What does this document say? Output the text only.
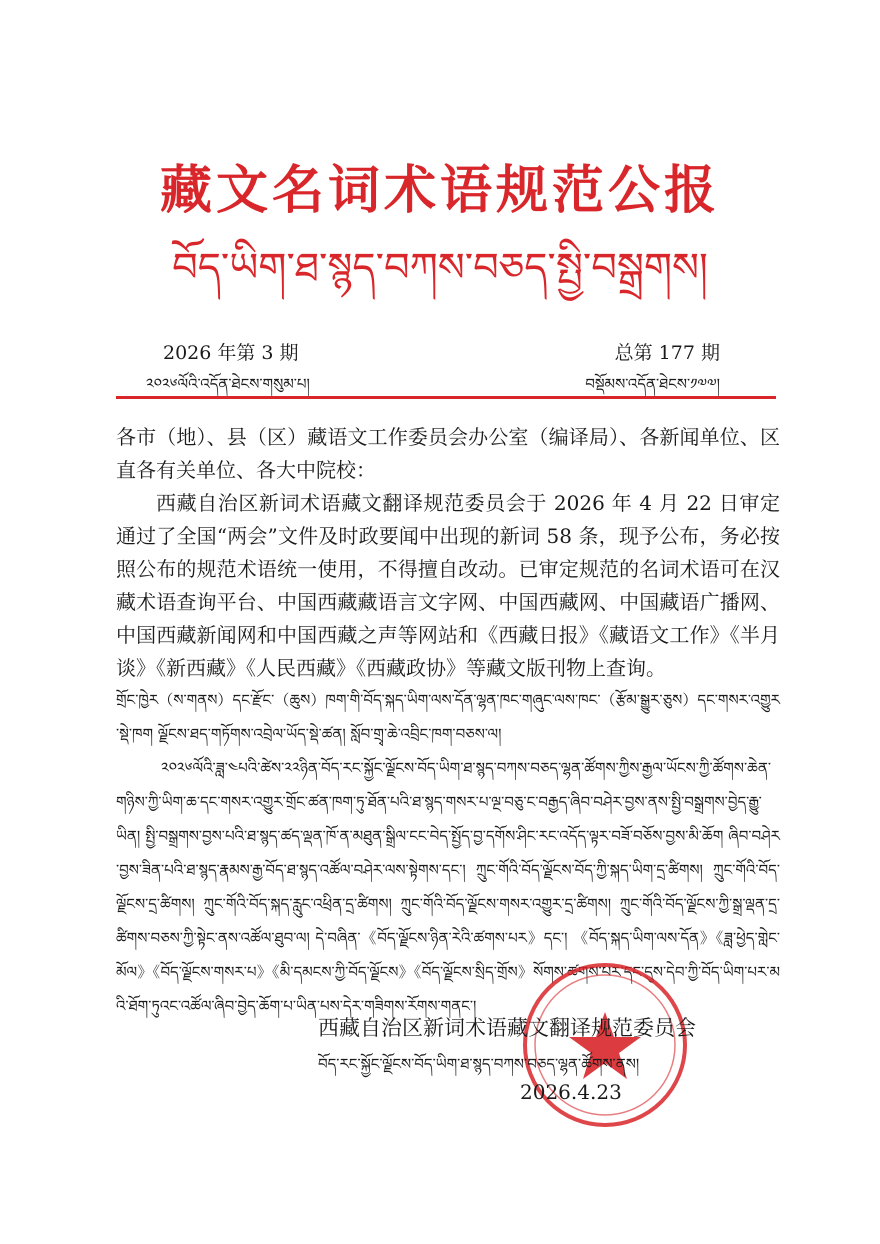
藏文名词术语规范公报
བོད་ཡིག་ཐ་སྙད་བཀས་བཅད་སྤྱི་བསྒྲགས།
2026 年第 3 期	总第 177 期
༢༠༢༦ལོའི་འདོན་ཐེངས་གསུམ་པ།	བསྡོམས་འདོན་ཐེངས་༡༧༧།

各市（地）、县（区）藏语文工作委员会办公室（编译局）、各新闻单位、区直各有关单位、各大中院校：

西藏自治区新词术语藏文翻译规范委员会于 2026 年 4 月 22 日审定通过了全国“两会”文件及时政要闻中出现的新词 58 条，现予公布，务必按照公布的规范术语统一使用，不得擅自改动。已审定规范的名词术语可在汉藏术语查询平台、中国西藏藏语言文字网、中国西藏网、中国藏语广播网、中国西藏新闻网和中国西藏之声等网站和《西藏日报》《藏语文工作》《半月谈》《新西藏》《人民西藏》《西藏政协》等藏文版刊物上查询。

གྲོང་ཁྱེར（ས་གནས）དང་རྫོང་（ཆུས）ཁག་གི་བོད་སྐད་ཡིག་ལས་དོན་ལྷན་ཁང་གཞུང་ལས་ཁང་（རྩོམ་སྒྱུར་ཅུས）དང་གསར་འགྱུར་སྡེ་ཁག ལྗོངས་ཐད་གཏོགས་འབྲེལ་ཡོད་སྡེ་ཚན། སློབ་གྲྭ་ཆེ་འབྲིང་ཁག་བཅས་ལ།

༢༠༢༦ལོའི་ཟླ་༤པའི་ཚེས་༢༢ཉིན་བོད་རང་སྐྱོང་ལྗོངས་བོད་ཡིག་ཐ་སྙད་བཀས་བཅད་ལྷན་ཚོགས་ཀྱིས་རྒྱལ་ཡོངས་ཀྱི་ཚོགས་ཆེན་གཉིས་ཀྱི་ཡིག་ཆ་དང་གསར་འགྱུར་གྲོང་ཚན་ཁག་ཏུ་ཐོན་པའི་ཐ་སྙད་གསར་པ་ལྔ་བཅུ་ང་བརྒྱད་ཞིབ་བཤེར་བྱས་ནས་སྤྱི་བསྒྲགས་བྱེད་རྒྱུ་ཡིན། སྤྱི་བསྒྲགས་བྱས་པའི་ཐ་སྙད་ཚད་ལྡན་ཁོ་ན་མཐུན་སྒྲིལ་ངང་བེད་སྤྱོད་བྱ་དགོས་ཤིང་རང་འདོད་ལྟར་བཟོ་བཅོས་བྱས་མི་ཆོག ཞིབ་བཤེར་བྱས་ཟིན་པའི་ཐ་སྙད་རྣམས་རྒྱ་བོད་ཐ་སྙད་འཚོལ་བཤེར་ལས་སྟེགས་དང་། ཀྲུང་གོའི་བོད་ལྗོངས་བོད་ཀྱི་སྐད་ཡིག་དྲ་ཚིགས། ཀྲུང་གོའི་བོད་ལྗོངས་དྲ་ཚིགས། ཀྲུང་གོའི་བོད་སྐད་རླུང་འཕྲིན་དྲ་ཚིགས། ཀྲུང་གོའི་བོད་ལྗོངས་གསར་འགྱུར་དྲ་ཚིགས། ཀྲུང་གོའི་བོད་ལྗོངས་ཀྱི་སྒྲ་ལྡན་དྲ་ཚིགས་བཅས་ཀྱི་སྟེང་ནས་འཚོལ་ཐུབ་ལ། དེ་བཞིན་《བོད་ལྗོངས་ཉིན་རེའི་ཚགས་པར》དང་། 《བོད་སྐད་ཡིག་ལས་དོན》《ཟླ་ཕྱེད་གླེང་མོལ》《བོད་ལྗོངས་གསར་པ》《མི་དམངས་ཀྱི་བོད་ལྗོངས》《བོད་ལྗོངས་སྲིད་གྲོས》སོགས་ཚགས་པར་དང་དུས་དེབ་ཀྱི་བོད་ཡིག་པར་མའི་ཐོག་ཏུའང་འཚོལ་ཞིབ་བྱེད་ཆོག་པ་ཡིན་པས་དེར་གཟིགས་རོགས་གནང་།

西藏自治区新词术语藏文翻译规范委员会
བོད་རང་སྐྱོང་ལྗོངས་བོད་ཡིག་ཐ་སྙད་བཀས་བཅད་ལྷན་ཚོགས་ནས།
2026.4.23
